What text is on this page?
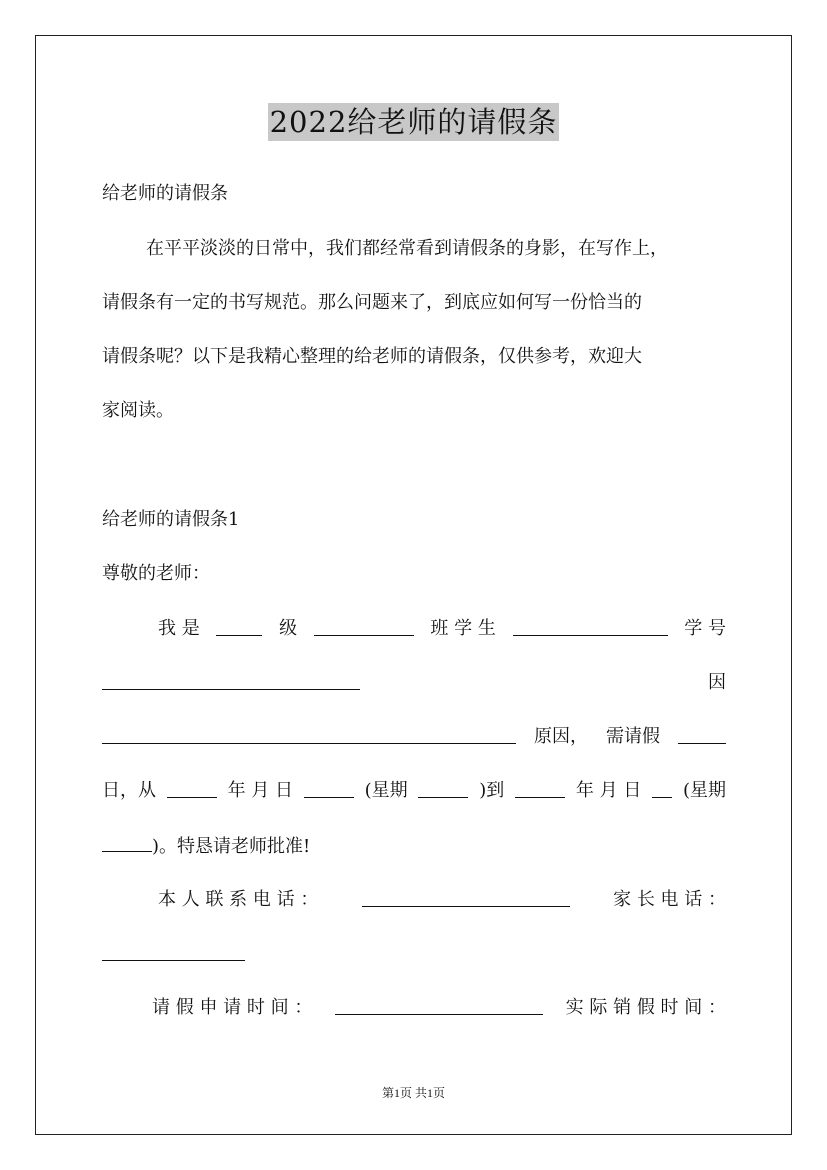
2022给老师的请假条
给老师的请假条
在平平淡淡的日常中，我们都经常看到请假条的身影，在写作上，
请假条有一定的书写规范。那么问题来了，到底应如何写一份恰当的
请假条呢？以下是我精心整理的给老师的请假条，仅供参考，欢迎大
家阅读。
给老师的请假条1
尊敬的老师：
我 是	级	班 学 生	学 号
因
原因， 需请假
日，从	年 月 日	(星期	)到	年 月 日 (星期
)。特恳请老师批准!
本 人 联 系 电 话 ：	家 长 电 话 ：
请 假 申 请 时 间 ：	实 际 销 假 时 间 ：
第1页 共1页
